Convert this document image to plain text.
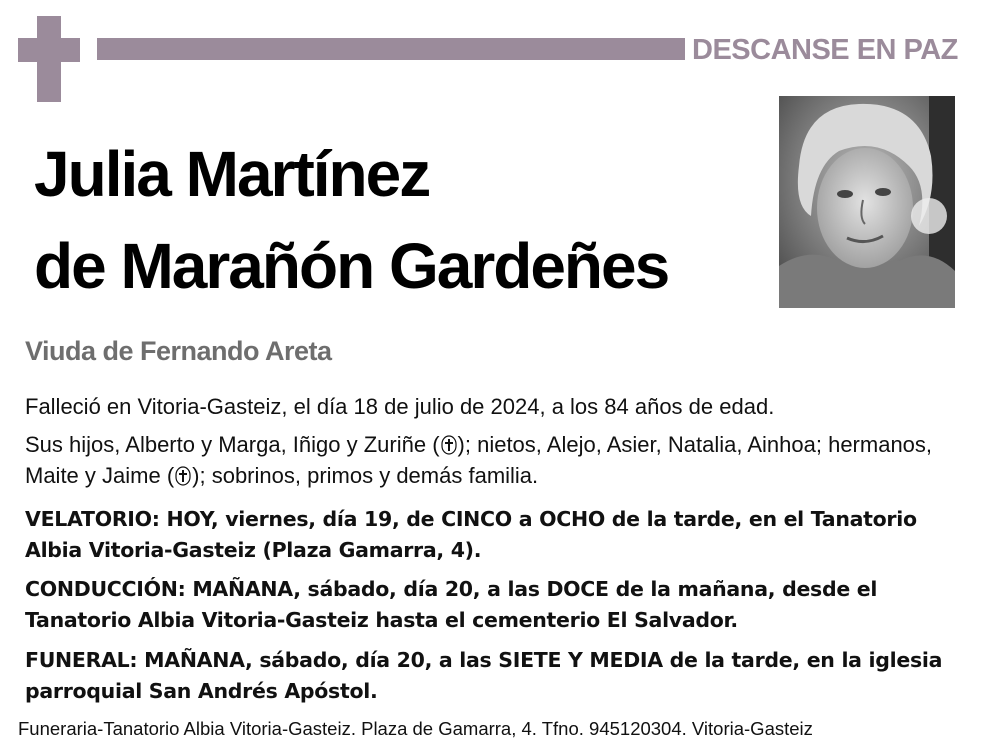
DESCANSE EN PAZ
Julia Martínez
de Marañón Gardeñes
Viuda de Fernando Areta
Falleció en Vitoria-Gasteiz, el día 18 de julio de 2024, a los 84 años de edad.
Sus hijos, Alberto y Marga, Iñigo y Zuriñe ( ); nietos, Alejo, Asier, Natalia, Ainhoa; hermanos, Maite y Jaime ( ); sobrinos, primos y demás familia.
VELATORIO: HOY, viernes, día 19, de CINCO a OCHO de la tarde, en el Tanatorio Albia Vitoria-Gasteiz (Plaza Gamarra, 4).
CONDUCCIÓN: MAÑANA, sábado, día 20, a las DOCE de la mañana, desde el Tanatorio Albia Vitoria-Gasteiz hasta el cementerio El Salvador.
FUNERAL: MAÑANA, sábado, día 20, a las SIETE Y MEDIA de la tarde, en la iglesia parroquial San Andrés Apóstol.
Funeraria-Tanatorio Albia Vitoria-Gasteiz. Plaza de Gamarra, 4. Tfno. 945120304. Vitoria-Gasteiz
